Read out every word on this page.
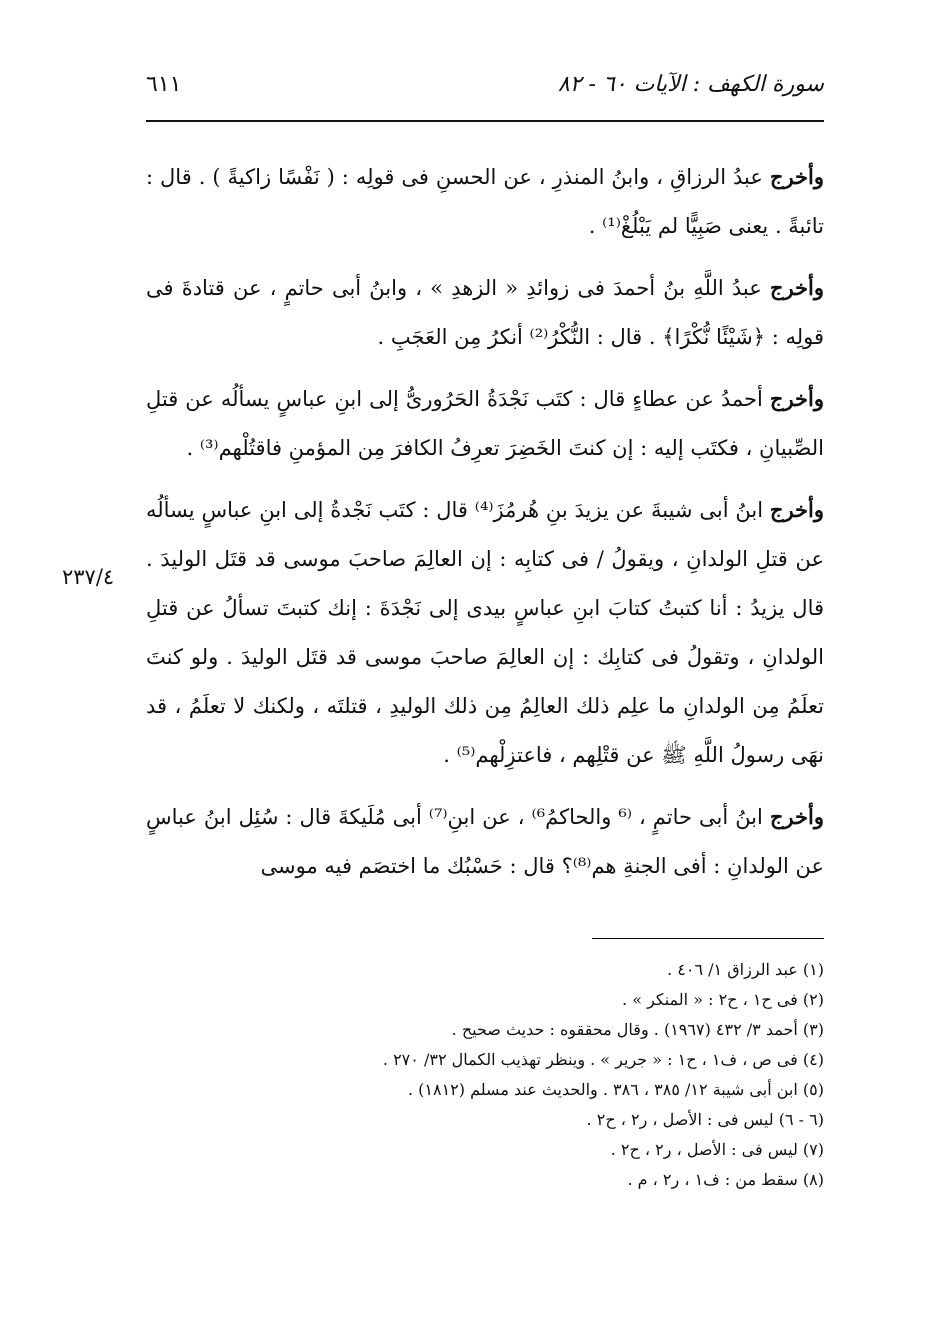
سورة الكهف : الآيات ٦٠ - ٨٢
٦١١

وأخرج عبدُ الرزاقِ ، وابنُ المنذرِ ، عن الحسنِ فى قولِه : ( نَفْسًا زاكيةً ) . قال : تائبةً . يعنى صَبِيًّا لم يَبْلُغْ⁽¹⁾ .

وأخرج عبدُ اللَّهِ بنُ أحمدَ فى زوائدِ « الزهدِ » ، وابنُ أبى حاتمٍ ، عن قتادةَ فى قولِه : ﴿شَيْئًا نُّكْرًا﴾ . قال : النُّكْرُ⁽²⁾ أنكرُ مِن العَجَبِ .

وأخرج أحمدُ عن عطاءٍ قال : كتَب نَجْدَةُ الحَرُورىُّ إلى ابنِ عباسٍ يسألُه عن قتلِ الصِّبيانِ ، فكتَب إليه : إن كنتَ الخَضِرَ تعرِفُ الكافرَ مِن المؤمنِ فاقتُلْهم⁽³⁾ .

وأخرج ابنُ أبى شيبةَ عن يزيدَ بنِ هُرمُزَ⁽⁴⁾ قال : كتَب نَجْدةُ إلى ابنِ عباسٍ يسألُه عن قتلِ الولدانِ ، ويقولُ / فى كتابِه : إن العالِمَ صاحبَ موسى قد قتَل الوليدَ . قال يزيدُ : أنا كتبتُ كتابَ ابنِ عباسٍ بيدى إلى نَجْدَةَ : إنك كتبتَ تسألُ عن قتلِ الولدانِ ، وتقولُ فى كتابِك : إن العالِمَ صاحبَ موسى قد قتَل الوليدَ . ولو كنتَ تعلَمُ مِن الولدانِ ما علِم ذلك العالِمُ مِن ذلك الوليدِ ، قتلتَه ، ولكنك لا تعلَمُ ، قد نهَى رسولُ اللَّهِ ﷺ عن قتْلِهم ، فاعتزِلْهم⁽⁵⁾ .

وأخرج ابنُ أبى حاتمٍ ، ⁽⁶ والحاكمُ⁶⁾ ، عن ابنِ⁽⁷⁾ أبى مُلَيكةَ قال : سُئِل ابنُ عباسٍ عن الولدانِ : أفى الجنةِ هم⁽⁸⁾؟ قال : حَسْبُك ما اختصَم فيه موسى

٢٣٧/٤

(١) عبد الرزاق ١/ ٤٠٦ .

(٢) فى ح١ ، ح٢ : « المنكر » .

(٣) أحمد ٣/ ٤٣٢ (١٩٦٧) . وقال محققوه : حديث صحيح .

(٤) فى ص ، ف١ ، ح١ : « جرير » . وينظر تهذيب الكمال ٣٢/ ٢٧٠ .

(٥) ابن أبى شيبة ١٢/ ٣٨٥ ، ٣٨٦ . والحديث عند مسلم (١٨١٢) .

(٦ - ٦) ليس فى : الأصل ، ر٢ ، ح٢ .

(٧) ليس فى : الأصل ، ر٢ ، ح٢ .

(٨) سقط من : ف١ ، ر٢ ، م .
